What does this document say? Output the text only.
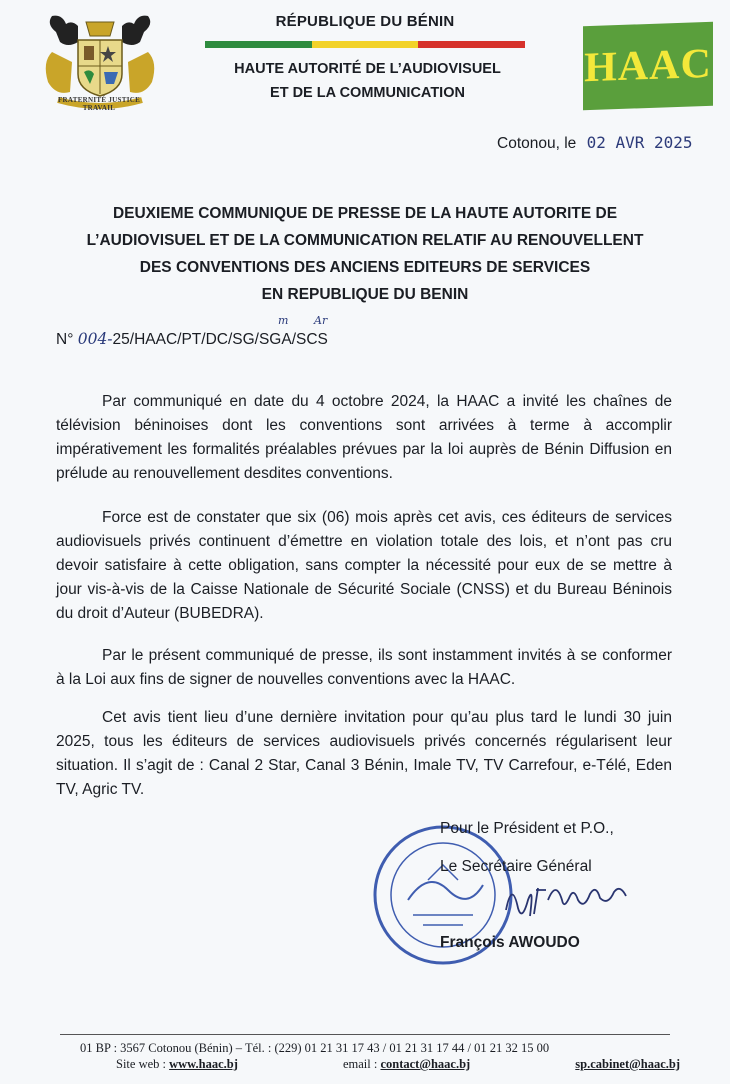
FRATERNITÉ JUSTICE TRAVAIL
RÉPUBLIQUE DU BÉNIN
HAUTE AUTORITÉ DE L’AUDIOVISUEL
ET DE LA COMMUNICATION
HAAC
Cotonou, le 02 AVR 2025
DEUXIEME COMMUNIQUE DE PRESSE DE LA HAUTE AUTORITE DE
L’AUDIOVISUEL ET DE LA COMMUNICATION RELATIF AU RENOUVELLENT
DES CONVENTIONS DES ANCIENS EDITEURS DE SERVICES
EN REPUBLIQUE DU BENIN
N° 004-25/HAAC/PT/DC/SG/SGA/SCS
m Ar

Par communiqué en date du 4 octobre 2024, la HAAC a invité les chaînes de télévision béninoises dont les conventions sont arrivées à terme à accomplir impérativement les formalités préalables prévues par la loi auprès de Bénin Diffusion en prélude au renouvellement desdites conventions.

Force est de constater que six (06) mois après cet avis, ces éditeurs de services audiovisuels privés continuent d’émettre en violation totale des lois, et n’ont pas cru devoir satisfaire à cette obligation, sans compter la nécessité pour eux de se mettre à jour vis-à-vis de la Caisse Nationale de Sécurité Sociale (CNSS) et du Bureau Béninois du droit d’Auteur (BUBEDRA).

Par le présent communiqué de presse, ils sont instamment invités à se conformer à la Loi aux fins de signer de nouvelles conventions avec la HAAC.

Cet avis tient lieu d’une dernière invitation pour qu’au plus tard le lundi 30 juin 2025, tous les éditeurs de services audiovisuels privés concernés régularisent leur situation. Il s’agit de : Canal 2 Star, Canal 3 Bénin, Imale TV, TV Carrefour, e-Télé, Eden TV, Agric TV.

Pour le Président et P.O.,
Le Secrétaire Général

François AWOUDO
01 BP : 3567 Cotonou (Bénin) – Tél. : (229) 01 21 31 17 43 / 01 21 31 17 44 / 01 21 32 15 00
Site web : www.haac.bj	email : contact@haac.bj	sp.cabinet@haac.bj
